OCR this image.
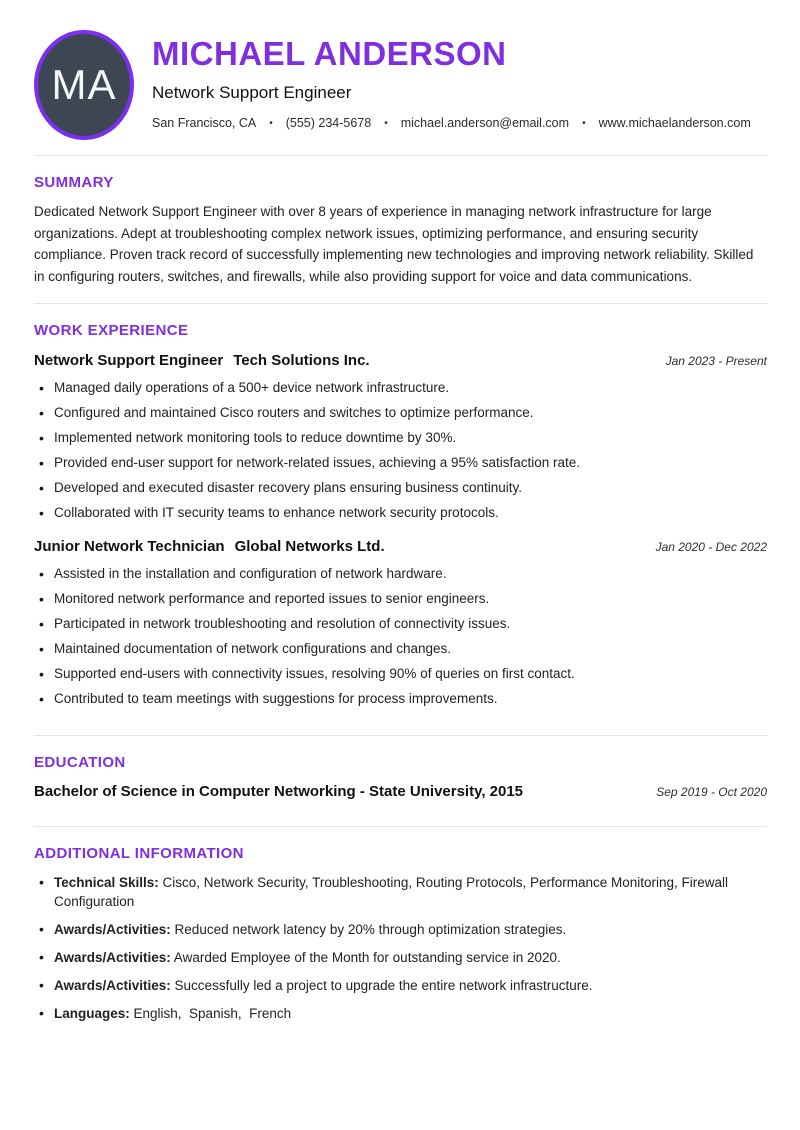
MA
MICHAEL ANDERSON
Network Support Engineer
San Francisco, CA • (555) 234-5678 • michael.anderson@email.com • www.michaelanderson.com
SUMMARY

Dedicated Network Support Engineer with over 8 years of experience in managing network infrastructure for large organizations. Adept at troubleshooting complex network issues, optimizing performance, and ensuring security compliance. Proven track record of successfully implementing new technologies and improving network reliability. Skilled in configuring routers, switches, and firewalls, while also providing support for voice and data communications.

WORK EXPERIENCE
Network Support Engineer Tech Solutions Inc.	Jan 2023 - Present
• Managed daily operations of a 500+ device network infrastructure.
• Configured and maintained Cisco routers and switches to optimize performance.
• Implemented network monitoring tools to reduce downtime by 30%.
• Provided end-user support for network-related issues, achieving a 95% satisfaction rate.
• Developed and executed disaster recovery plans ensuring business continuity.
• Collaborated with IT security teams to enhance network security protocols.
Junior Network Technician Global Networks Ltd.	Jan 2020 - Dec 2022
• Assisted in the installation and configuration of network hardware.
• Monitored network performance and reported issues to senior engineers.
• Participated in network troubleshooting and resolution of connectivity issues.
• Maintained documentation of network configurations and changes.
• Supported end-users with connectivity issues, resolving 90% of queries on first contact.
• Contributed to team meetings with suggestions for process improvements.
EDUCATION
Bachelor of Science in Computer Networking - State University, 2015	Sep 2019 - Oct 2020
ADDITIONAL INFORMATION
• Technical Skills: Cisco, Network Security, Troubleshooting, Routing Protocols, Performance Monitoring, Firewall Configuration
• Awards/Activities: Reduced network latency by 20% through optimization strategies.
• Awards/Activities: Awarded Employee of the Month for outstanding service in 2020.
• Awards/Activities: Successfully led a project to upgrade the entire network infrastructure.
• Languages: English,  Spanish,  French
